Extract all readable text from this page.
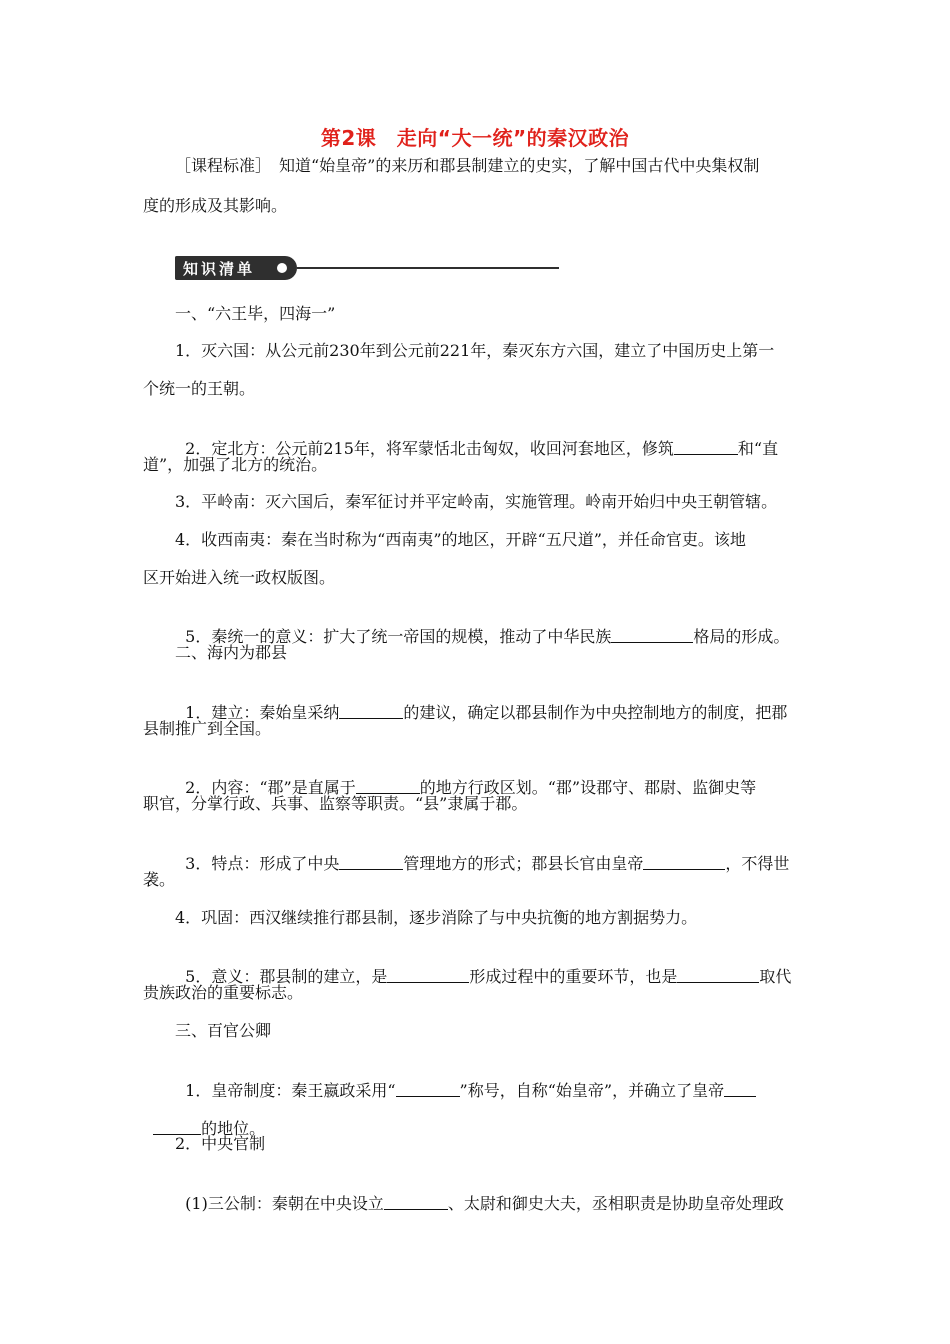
第2课　走向“大一统”的秦汉政治
［课程标准］　知道“始皇帝”的来历和郡县制建立的史实，了解中国古代中央集权制
度的形成及其影响。
知识清单
一、“六王毕，四海一”
1．灭六国：从公元前230年到公元前221年，秦灭东方六国，建立了中国历史上第一
个统一的王朝。

2．定北方：公元前215年，将军蒙恬北击匈奴，收回河套地区，修筑	和“直

道”，加强了北方的统治。
3．平岭南：灭六国后，秦军征讨并平定岭南，实施管理。岭南开始归中央王朝管辖。
4．收西南夷：秦在当时称为“西南夷”的地区，开辟“五尺道”，并任命官吏。该地
区开始进入统一政权版图。

5．秦统一的意义：扩大了统一帝国的规模，推动了中华民族	格局的形成。

二、海内为郡县

1．建立：秦始皇采纳	的建议，确定以郡县制作为中央控制地方的制度，把郡

县制推广到全国。

2．内容：“郡”是直属于	的地方行政区划。“郡”设郡守、郡尉、监御史等

职官，分掌行政、兵事、监察等职责。“县”隶属于郡。

3．特点：形成了中央	管理地方的形式；郡县长官由皇帝	，不得世

袭。
4．巩固：西汉继续推行郡县制，逐步消除了与中央抗衡的地方割据势力。

5．意义：郡县制的建立，是	形成过程中的重要环节，也是	取代

贵族政治的重要标志。
三、百官公卿

1．皇帝制度：秦王嬴政采用“	”称号，自称“始皇帝”，并确立了皇帝

的地位。

2．中央官制

(1)三公制：秦朝在中央设立	、太尉和御史大夫，丞相职责是协助皇帝处理政
